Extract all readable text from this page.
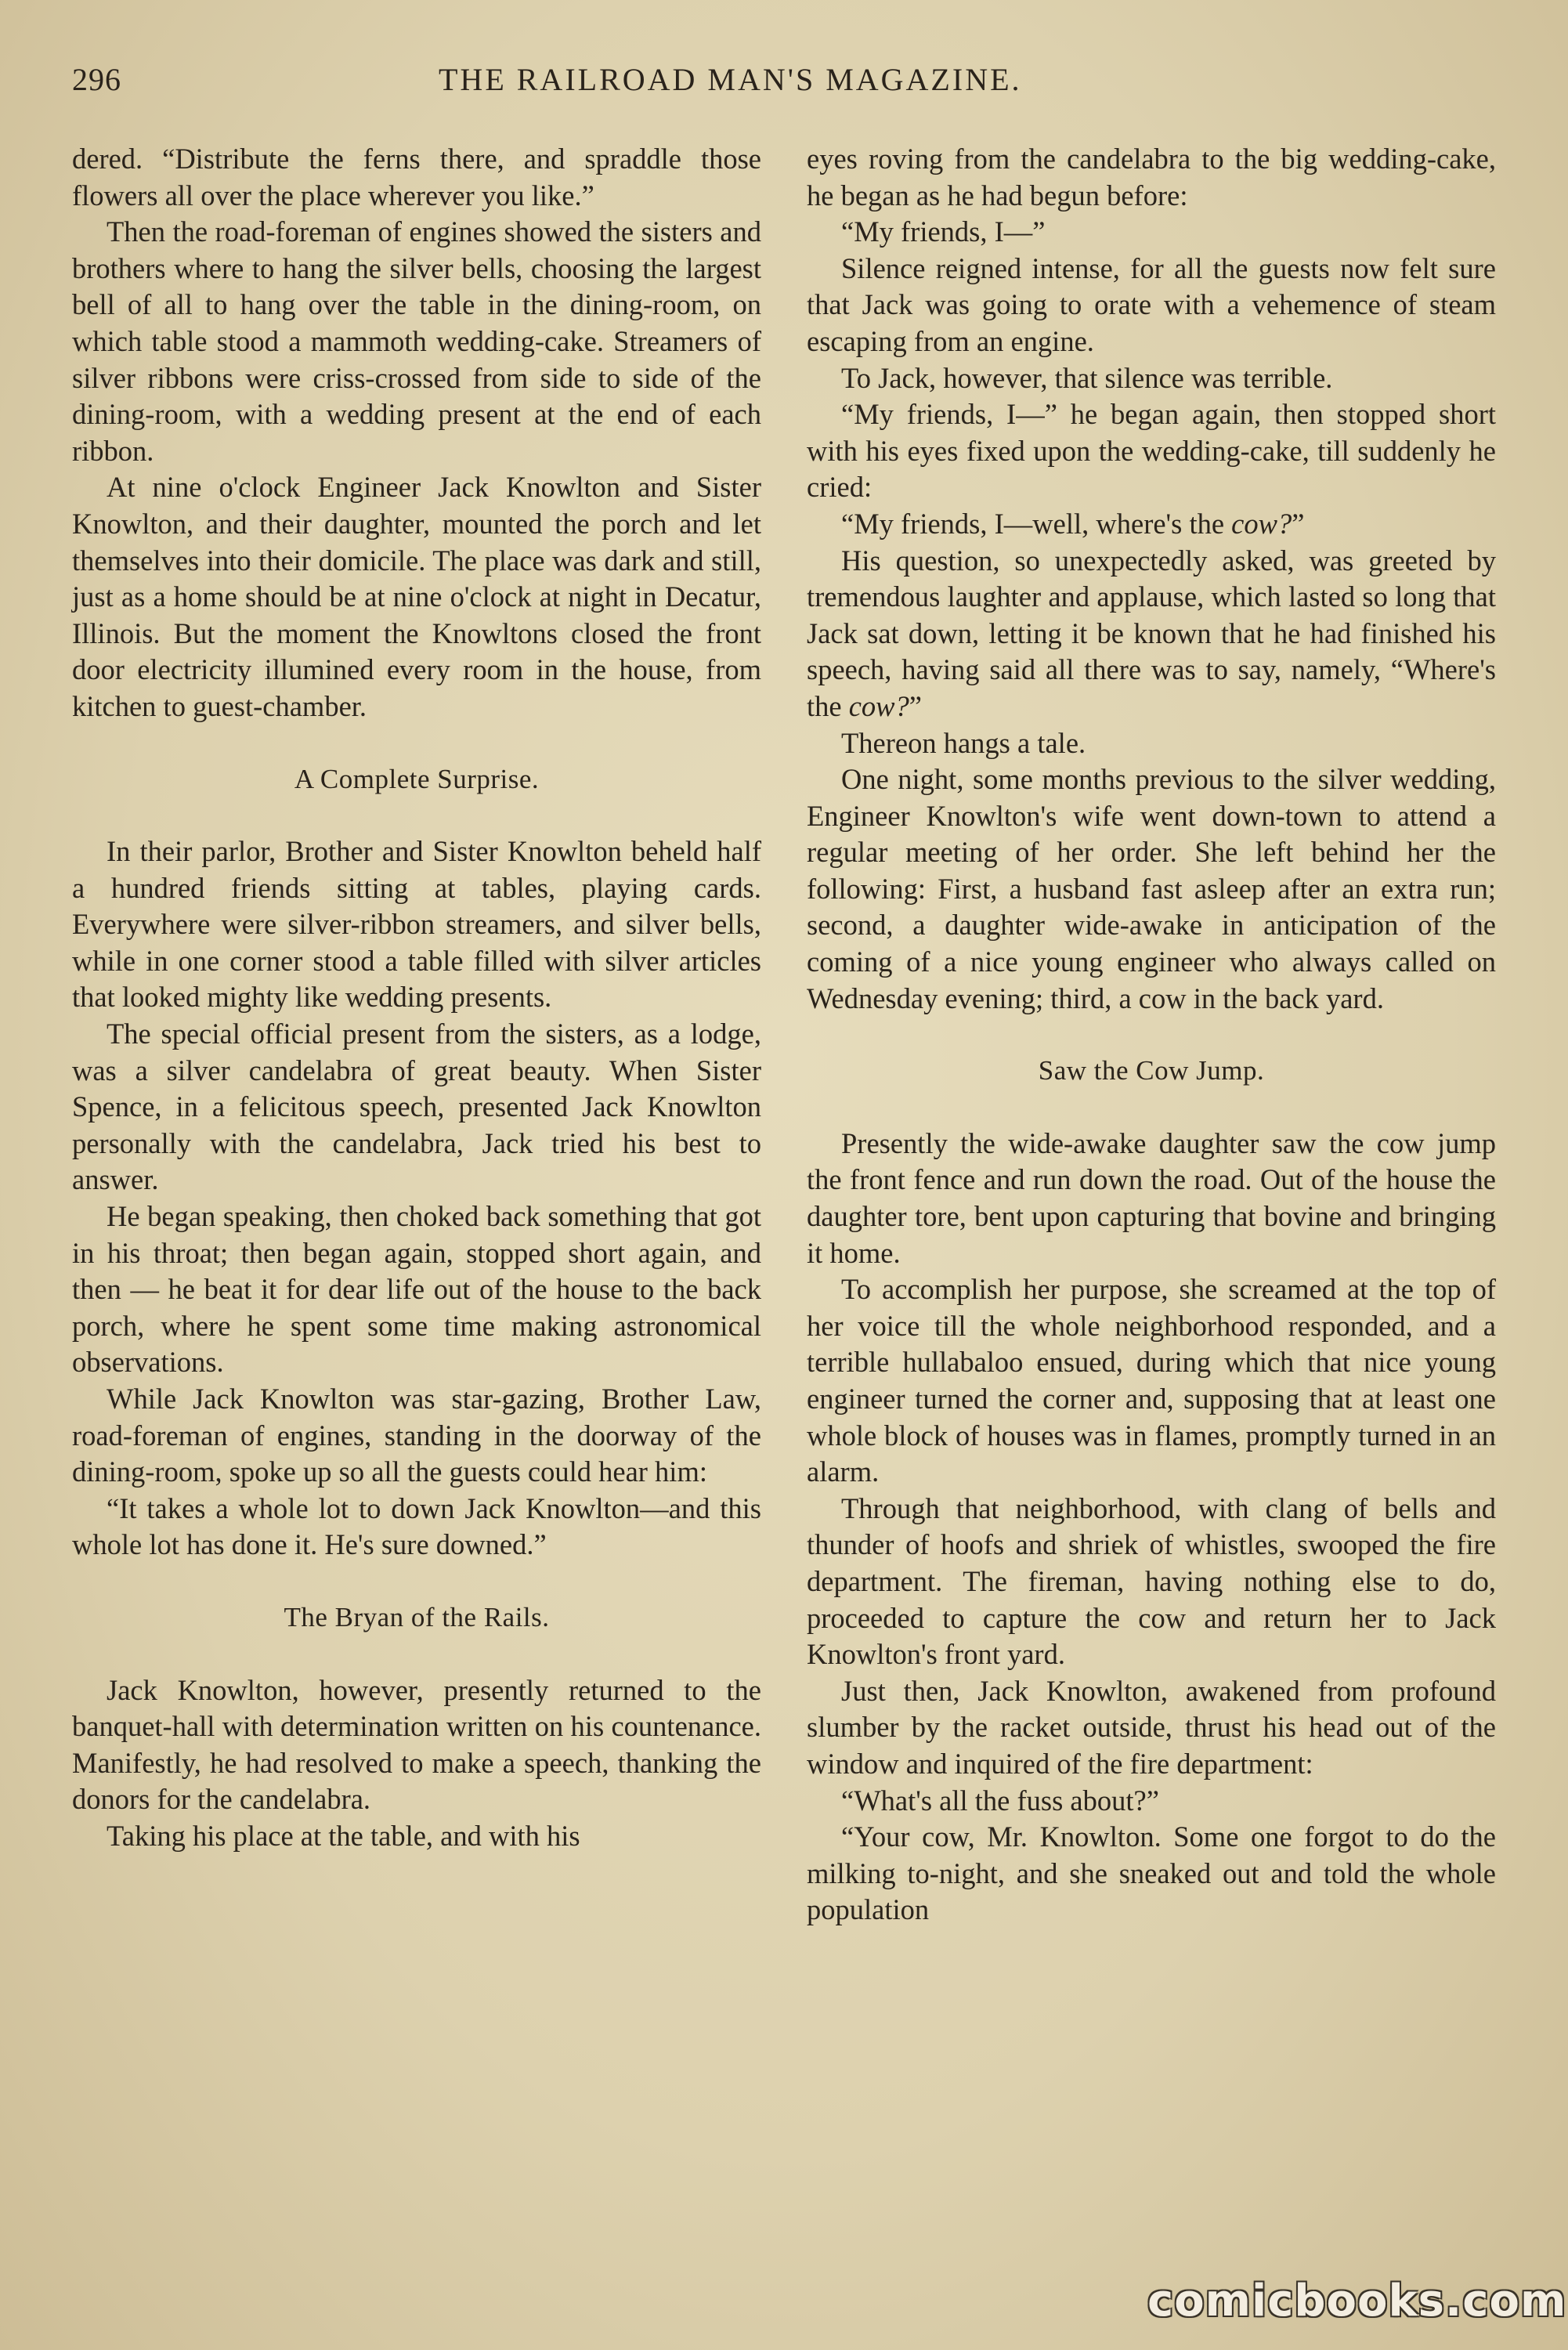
296	THE RAILROAD MAN'S MAGAZINE.

dered. “Distribute the ferns there, and spraddle those flowers all over the place wherever you like.”

Then the road-foreman of engines showed the sisters and brothers where to hang the silver bells, choosing the largest bell of all to hang over the table in the dining-room, on which table stood a mammoth wedding-cake. Streamers of silver ribbons were criss-crossed from side to side of the dining-room, with a wedding present at the end of each ribbon.

At nine o'clock Engineer Jack Knowlton and Sister Knowlton, and their daughter, mounted the porch and let themselves into their domicile. The place was dark and still, just as a home should be at nine o'clock at night in Decatur, Illinois. But the moment the Knowltons closed the front door electricity illumined every room in the house, from kitchen to guest-chamber.

A Complete Surprise.

In their parlor, Brother and Sister Knowlton beheld half a hundred friends sitting at tables, playing cards. Everywhere were silver-ribbon streamers, and silver bells, while in one corner stood a table filled with silver articles that looked mighty like wedding presents.

The special official present from the sisters, as a lodge, was a silver candelabra of great beauty. When Sister Spence, in a felicitous speech, presented Jack Knowlton personally with the candelabra, Jack tried his best to answer.

He began speaking, then choked back something that got in his throat; then began again, stopped short again, and then — he beat it for dear life out of the house to the back porch, where he spent some time making astronomical observations.

While Jack Knowlton was star-gazing, Brother Law, road-foreman of engines, standing in the doorway of the dining-room, spoke up so all the guests could hear him:

“It takes a whole lot to down Jack Knowlton—and this whole lot has done it. He's sure downed.”

The Bryan of the Rails.

Jack Knowlton, however, presently returned to the banquet-hall with determination written on his countenance. Manifestly, he had resolved to make a speech, thanking the donors for the candelabra.

Taking his place at the table, and with his

eyes roving from the candelabra to the big wedding-cake, he began as he had begun before:

“My friends, I—”

Silence reigned intense, for all the guests now felt sure that Jack was going to orate with a vehemence of steam escaping from an engine.

To Jack, however, that silence was terrible.

“My friends, I—” he began again, then stopped short with his eyes fixed upon the wedding-cake, till suddenly he cried:

“My friends, I—well, where's the cow?”

His question, so unexpectedly asked, was greeted by tremendous laughter and applause, which lasted so long that Jack sat down, letting it be known that he had finished his speech, having said all there was to say, namely, “Where's the cow?”

Thereon hangs a tale.

One night, some months previous to the silver wedding, Engineer Knowlton's wife went down-town to attend a regular meeting of her order. She left behind her the following: First, a husband fast asleep after an extra run; second, a daughter wide-awake in anticipation of the coming of a nice young engineer who always called on Wednesday evening; third, a cow in the back yard.

Saw the Cow Jump.

Presently the wide-awake daughter saw the cow jump the front fence and run down the road. Out of the house the daughter tore, bent upon capturing that bovine and bringing it home.

To accomplish her purpose, she screamed at the top of her voice till the whole neighborhood responded, and a terrible hullabaloo ensued, during which that nice young engineer turned the corner and, supposing that at least one whole block of houses was in flames, promptly turned in an alarm.

Through that neighborhood, with clang of bells and thunder of hoofs and shriek of whistles, swooped the fire department. The fireman, having nothing else to do, proceeded to capture the cow and return her to Jack Knowlton's front yard.

Just then, Jack Knowlton, awakened from profound slumber by the racket outside, thrust his head out of the window and inquired of the fire department:

“What's all the fuss about?”

“Your cow, Mr. Knowlton. Some one forgot to do the milking to-night, and she sneaked out and told the whole population

comicbooks.com
